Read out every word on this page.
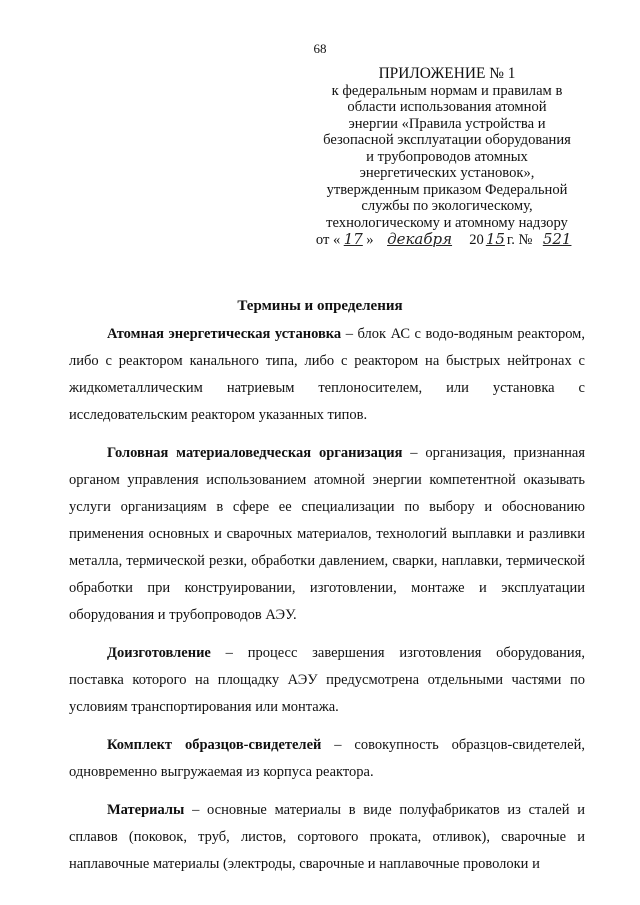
68
ПРИЛОЖЕНИЕ № 1
к федеральным нормам и правилам в
области использования атомной
энергии «Правила устройства и
безопасной эксплуатации оборудования
и трубопроводов атомных
энергетических установок»,
утвержденным приказом Федеральной
службы по экологическому,
технологическому и атомному надзору
от « 17 » декабря 20 15 г. № 521
Термины и определения

Атомная энергетическая установка – блок АС с водо-водяным реактором, либо с реактором канального типа, либо с реактором на быстрых нейтронах с жидкометаллическим натриевым теплоносителем, или установка с исследовательским реактором указанных типов.

Головная материаловедческая организация – организация, признанная органом управления использованием атомной энергии компетентной оказывать услуги организациям в сфере ее специализации по выбору и обоснованию применения основных и сварочных материалов, технологий выплавки и разливки металла, термической резки, обработки давлением, сварки, наплавки, термической обработки при конструировании, изготовлении, монтаже и эксплуатации оборудования и трубопроводов АЭУ.

Доизготовление – процесс завершения изготовления оборудования, поставка которого на площадку АЭУ предусмотрена отдельными частями по условиям транспортирования или монтажа.

Комплект образцов-свидетелей – совокупность образцов-свидетелей, одновременно выгружаемая из корпуса реактора.

Материалы – основные материалы в виде полуфабрикатов из сталей и сплавов (поковок, труб, листов, сортового проката, отливок), сварочные и наплавочные материалы (электроды, сварочные и наплавочные проволоки и
